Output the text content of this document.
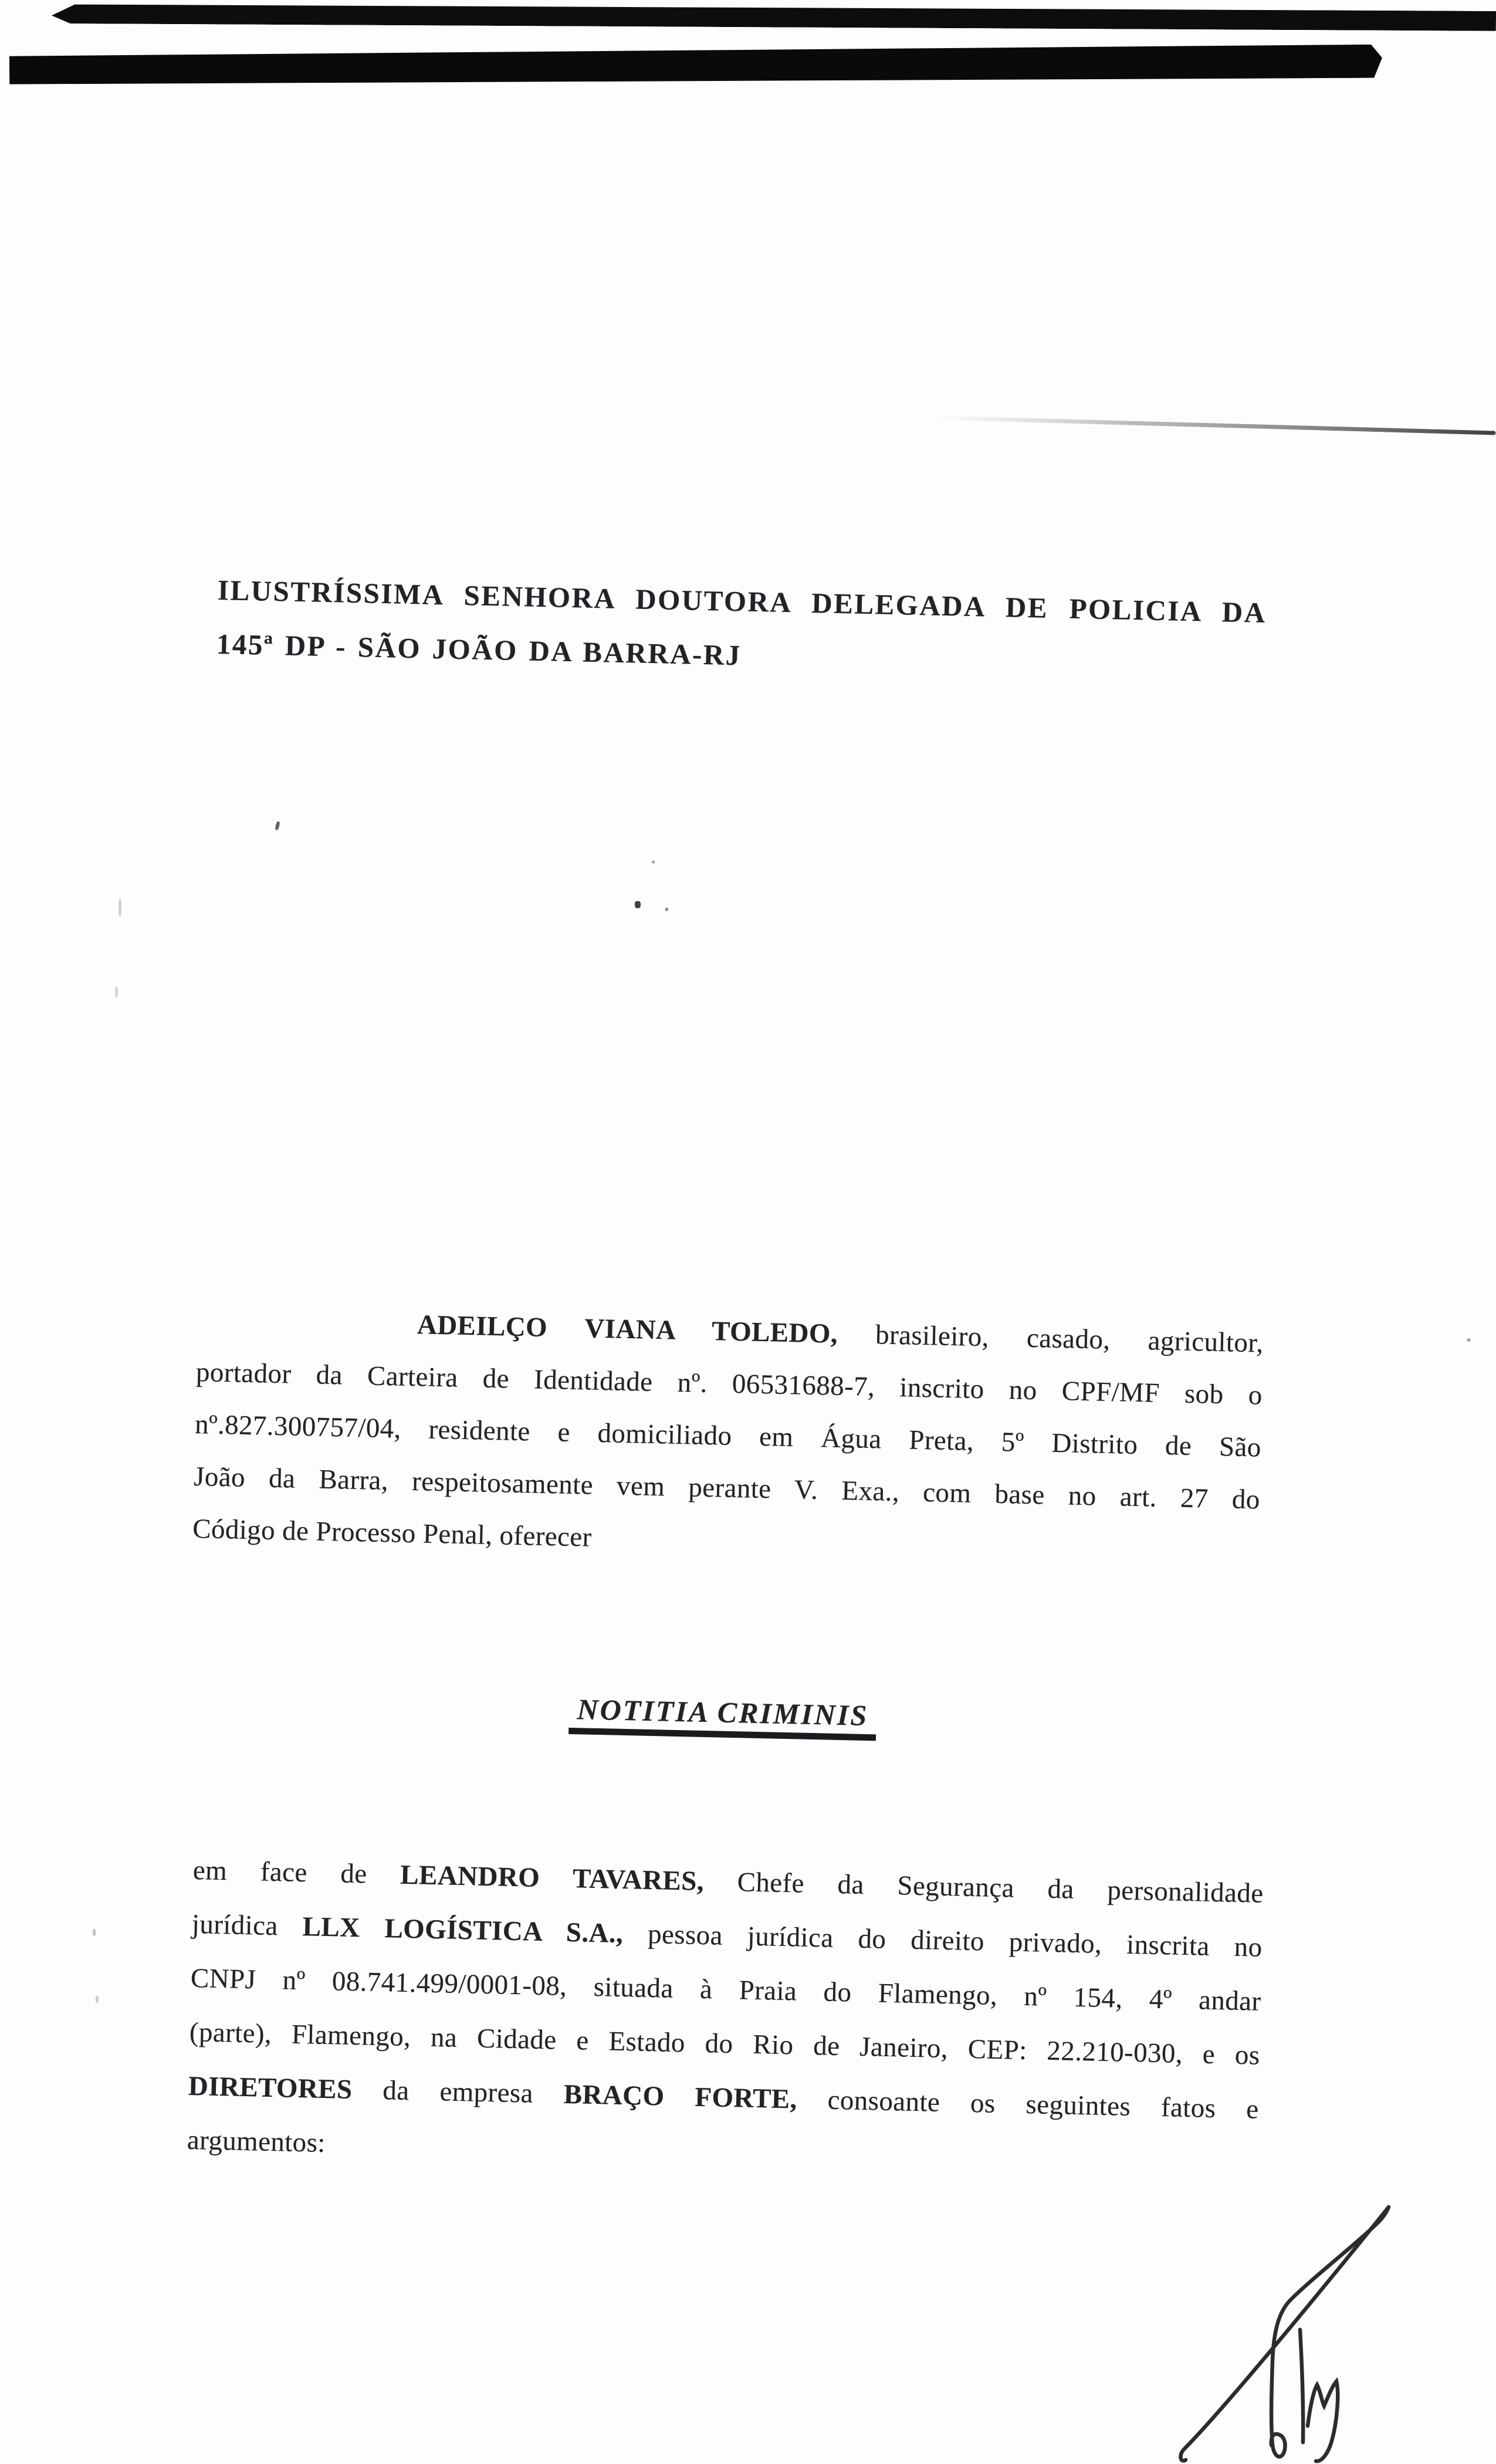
ILUSTRÍSSIMA SENHORA DOUTORA DELEGADA DE POLICIA DA
145ª DP - SÃO JOÃO DA BARRA-RJ
ADEILÇO VIANA TOLEDO, brasileiro, casado, agricultor,
portador da Carteira de Identidade nº. 06531688-7, inscrito no CPF/MF sob o
nº.827.300757/04, residente e domiciliado em Água Preta, 5º Distrito de São
João da Barra, respeitosamente vem perante V. Exa., com base no art. 27 do
Código de Processo Penal, oferecer
NOTITIA CRIMINIS
em face de LEANDRO TAVARES, Chefe da Segurança da personalidade
jurídica LLX LOGÍSTICA S.A., pessoa jurídica do direito privado, inscrita no
CNPJ nº 08.741.499/0001-08, situada à Praia do Flamengo, nº 154, 4º andar
(parte), Flamengo, na Cidade e Estado do Rio de Janeiro, CEP: 22.210-030, e os
DIRETORES da empresa BRAÇO FORTE, consoante os seguintes fatos e
argumentos:
